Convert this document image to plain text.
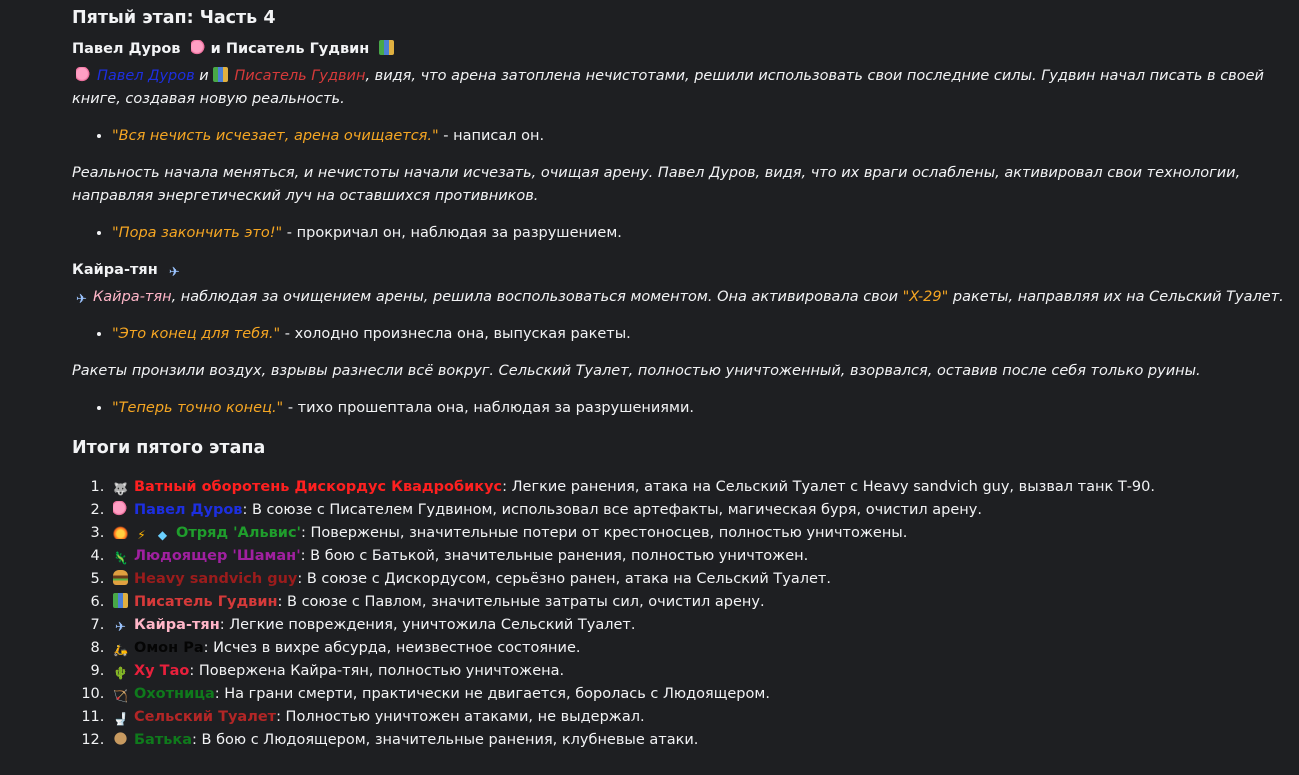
Пятый этап: Часть 4
Павел Дуров  и Писатель Гудвин

Павел Дуров и Писатель Гудвин, видя, что арена затоплена нечистотами, решили использовать свои последние силы. Гудвин начал писать в своей книге, создавая новую реальность.

• "Вся нечисть исчезает, арена очищается." - написал он.

Реальность начала меняться, и нечистоты начали исчезать, очищая арену. Павел Дуров, видя, что их враги ослаблены, активировал свои технологии, направляя энергетический луч на оставшихся противников.

• "Пора закончить это!" - прокричал он, наблюдая за разрушением.
Кайра-тян ✈

✈Кайра-тян, наблюдая за очищением арены, решила воспользоваться моментом. Она активировала свои "X-29" ракеты, направляя их на Сельский Туалет.

• "Это конец для тебя." - холодно произнесла она, выпуская ракеты.

Ракеты пронзили воздух, взрывы разнесли всё вокруг. Сельский Туалет, полностью уничтоженный, взорвался, оставив после себя только руины.

• "Теперь точно конец." - тихо прошептала она, наблюдая за разрушениями.
Итоги пятого этапа
🐺1. Ватный оборотень Дискордус Квадробикус: Легкие ранения, атака на Сельский Туалет с Heavy sandvich guy, вызвал танк Т-90.
2. Павел Дуров: В союзе с Писателем Гудвином, использовал все артефакты, магическая буря, очистил арену.
⚡◆3. Отряд 'Альвис': Повержены, значительные потери от крестоносцев, полностью уничтожены.
🦎4. Людоящер 'Шаман': В бою с Батькой, значительные ранения, полностью уничтожен.
5. Heavy sandvich guy: В союзе с Дискордусом, серьёзно ранен, атака на Сельский Туалет.
6. Писатель Гудвин: В союзе с Павлом, значительные затраты сил, очистил арену.
✈7. Кайра-тян: Легкие повреждения, уничтожила Сельский Туалет.
🛵8. Омон Ра: Исчез в вихре абсурда, неизвестное состояние.
🌵9. Ху Тао: Повержена Кайра-тян, полностью уничтожена.
🏹10. Охотница: На грани смерти, практически не двигается, боролась с Людоящером.
🚽11. Сельский Туалет: Полностью уничтожен атаками, не выдержал.
12. Батька: В бою с Людоящером, значительные ранения, клубневые атаки.
